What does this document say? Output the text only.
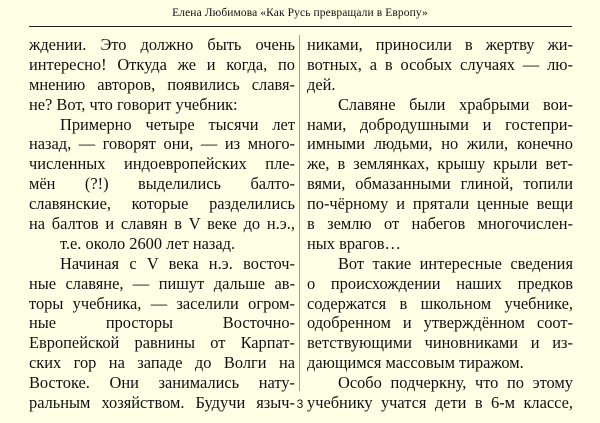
Елена Любимова «Как Русь превращали в Европу»
ждении. Это должно быть очень
интересно! Откуда же и когда, по
мнению авторов, появились славя-
не? Вот, что говорит учебник:
Примерно четыре тысячи лет
назад, — говорят они, — из много-
численных индоевропейских пле-
мён (?!) выделились балто-
славянские, которые разделились
на балтов и славян в V веке до н.э.,
т.е. около 2600 лет назад.
Начиная с V века н.э. восточ-
ные славяне, — пишут дальше ав-
торы учебника, — заселили огром-
ные просторы Восточно-
Европейской равнины от Карпат-
ских гор на западе до Волги на
Востоке. Они занимались нату-
ральным хозяйством. Будучи языч-
никами, приносили в жертву жи-
вотных, а в особых случаях — лю-
дей.
Славяне были храбрыми вои-
нами, добродушными и гостепри-
имными людьми, но жили, конечно
же, в землянках, крышу крыли вет-
вями, обмазанными глиной, топили
по-чёрному и прятали ценные вещи
в землю от набегов многочислен-
ных врагов…
Вот такие интересные сведения
о происхождении наших предков
содержатся в школьном учебнике,
одобренном и утверждённом соот-
ветствующими чиновниками и из-
дающимся массовым тиражом.
Особо подчеркну, что по этому
учебнику учатся дети в 6-м классе,
3
